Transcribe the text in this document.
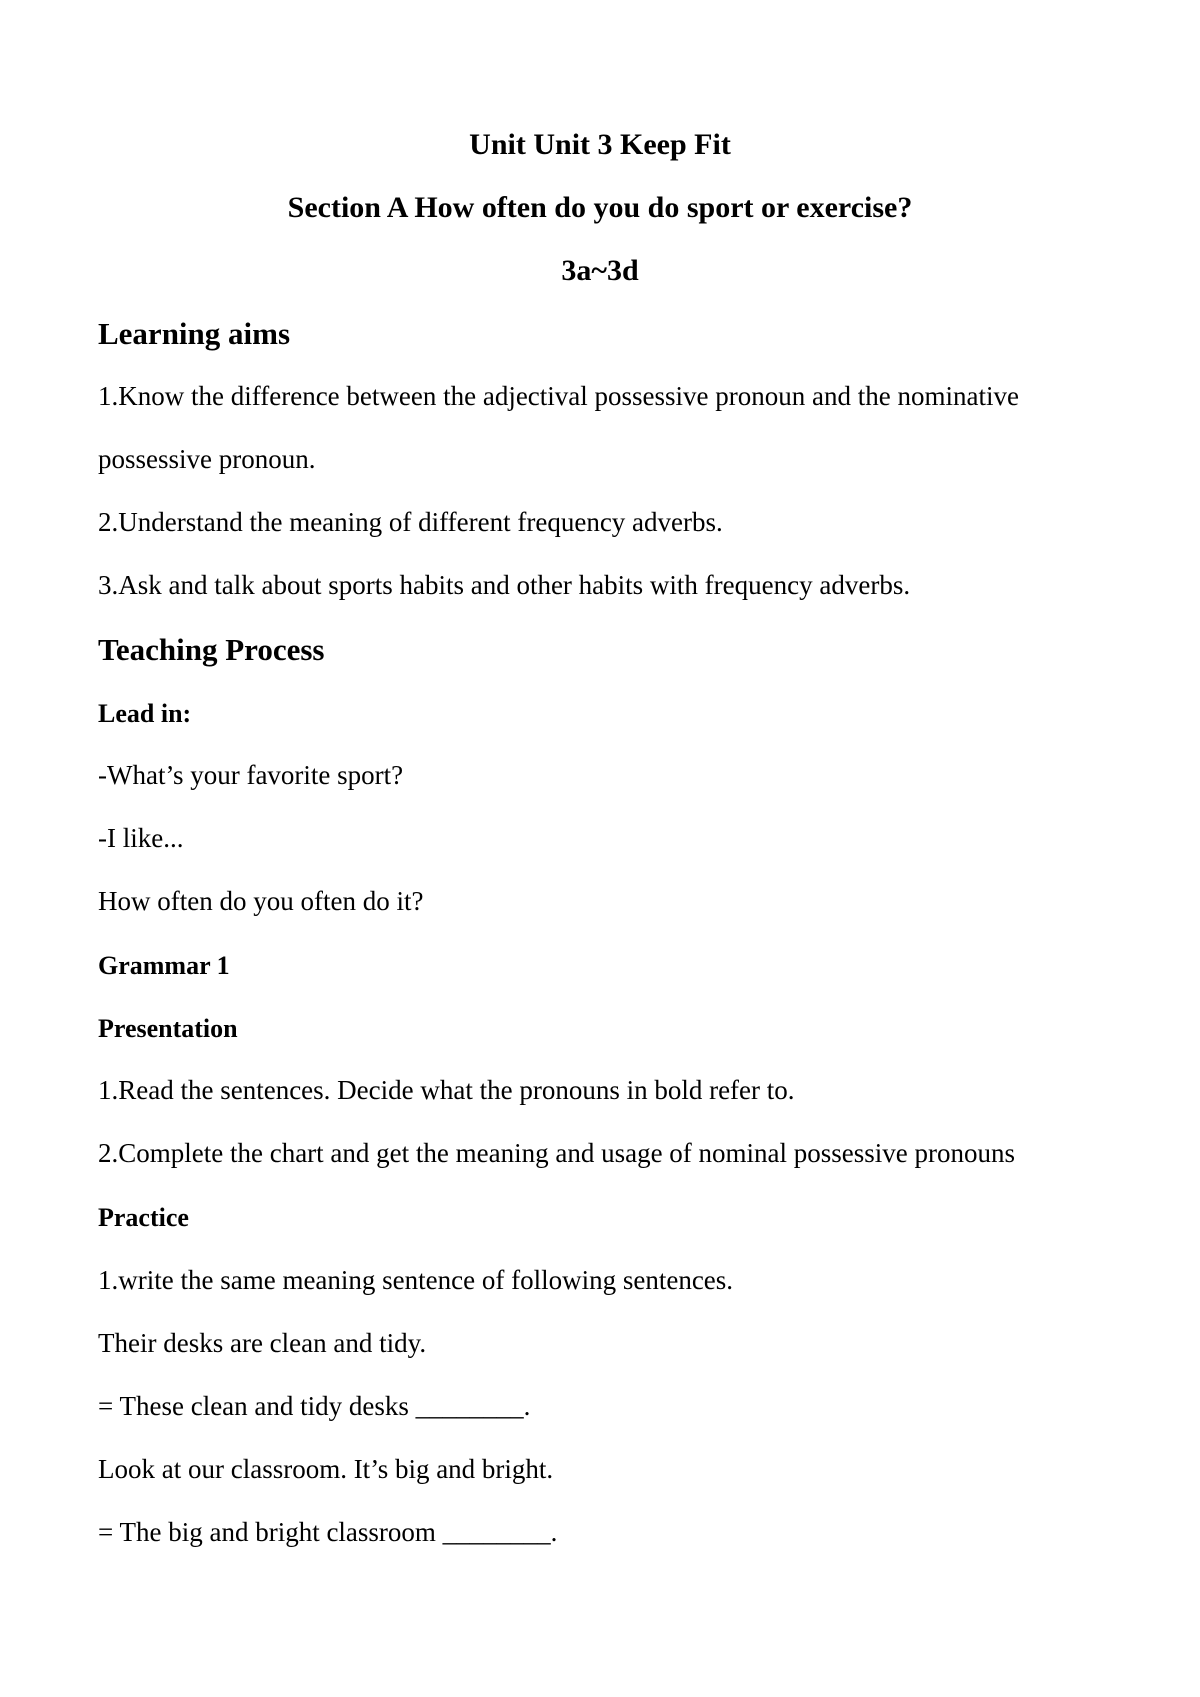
Unit Unit 3 Keep Fit
Section A How often do you do sport or exercise?
3a~3d
Learning aims
1.Know the difference between the adjectival possessive pronoun and the nominative
possessive pronoun.
2.Understand the meaning of different frequency adverbs.
3.Ask and talk about sports habits and other habits with frequency adverbs.
Teaching Process
Lead in:
-What’s your favorite sport?
-I like...
How often do you often do it?
Grammar 1
Presentation
1.Read the sentences. Decide what the pronouns in bold refer to.
2.Complete the chart and get the meaning and usage of nominal possessive pronouns
Practice
1.write the same meaning sentence of following sentences.
Their desks are clean and tidy.
= These clean and tidy desks ________.
Look at our classroom. It’s big and bright.
= The big and bright classroom ________.
